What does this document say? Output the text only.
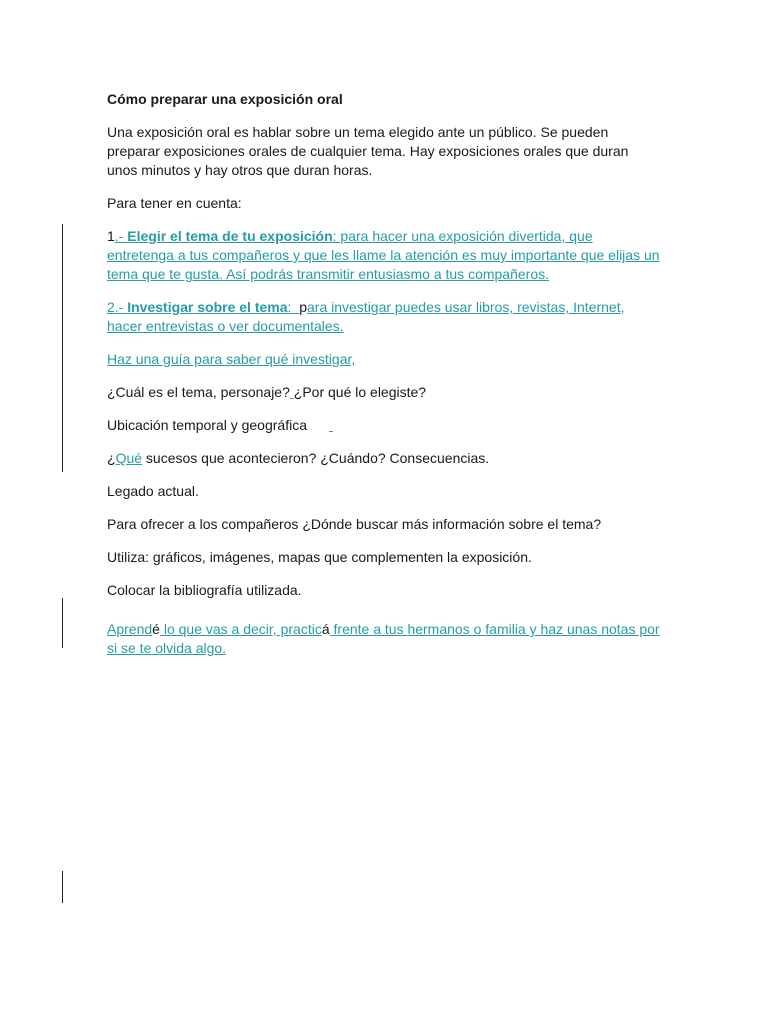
Cómo preparar una exposición oral

Una exposición oral es hablar sobre un tema elegido ante un público. Se pueden preparar exposiciones orales de cualquier tema. Hay exposiciones orales que duran unos minutos y hay otros que duran horas.

Para tener en cuenta:

1.- Elegir el tema de tu exposición: para hacer una exposición divertida, que entretenga a tus compañeros y que les llame la atención es muy importante que elijas un tema que te gusta. Así podrás transmitir entusiasmo a tus compañeros.

2.- Investigar sobre el tema:  para investigar puedes usar libros, revistas, Internet, hacer entrevistas o ver documentales.

Haz una guía para saber qué investigar,

¿Cuál es el tema, personaje? ¿Por qué lo elegiste?

Ubicación temporal y geográfica

¿Qué sucesos que acontecieron? ¿Cuándo? Consecuencias.

Legado actual.

Para ofrecer a los compañeros ¿Dónde buscar más información sobre el tema?

Utiliza: gráficos, imágenes, mapas que complementen la exposición.

Colocar la bibliografía utilizada.

Aprendé lo que vas a decir, practicá frente a tus hermanos o familia y haz unas notas por si se te olvida algo.
